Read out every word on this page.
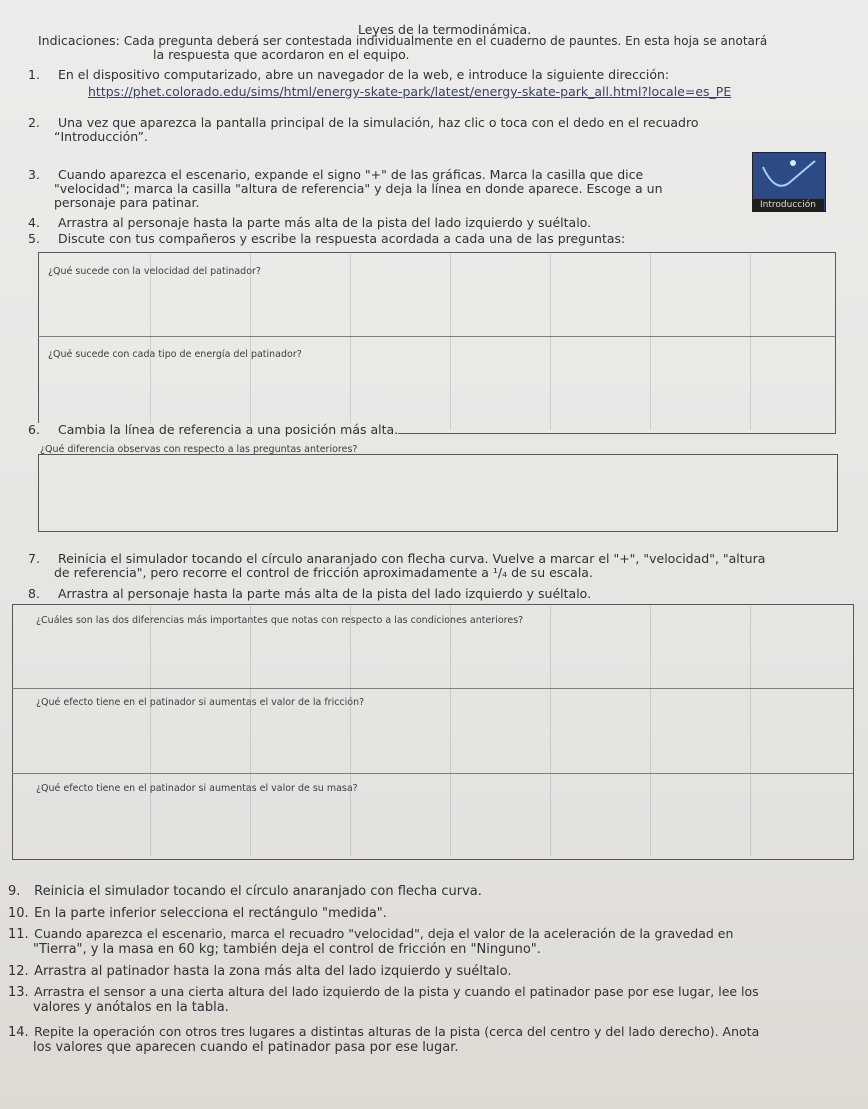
Leyes de la termodinámica.
Indicaciones: Cada pregunta deberá ser contestada individualmente en el cuaderno de pauntes. En esta hoja se anotará
la respuesta que acordaron en el equipo.
1. En el dispositivo computarizado, abre un navegador de la web, e introduce la siguiente dirección:
https://phet.colorado.edu/sims/html/energy-skate-park/latest/energy-skate-park_all.html?locale=es_PE
2. Una vez que aparezca la pantalla principal de la simulación, haz clic o toca con el dedo en el recuadro
“Introducción”.
3. Cuando aparezca el escenario, expande el signo "+" de las gráficas. Marca la casilla que dice
"velocidad"; marca la casilla "altura de referencia" y deja la línea en donde aparece. Escoge a un
personaje para patinar.	Introducción
4. Arrastra al personaje hasta la parte más alta de la pista del lado izquierdo y suéltalo.
5. Discute con tus compañeros y escribe la respuesta acordada a cada una de las preguntas:
¿Qué sucede con la velocidad del patinador?
¿Qué sucede con cada tipo de energía del patinador?
6. Cambia la línea de referencia a una posición más alta.
¿Qué diferencia observas con respecto a las preguntas anteriores?
7. Reinicia el simulador tocando el círculo anaranjado con flecha curva. Vuelve a marcar el "+", "velocidad", "altura
de referencia", pero recorre el control de fricción aproximadamente a ¹/₄ de su escala.
8. Arrastra al personaje hasta la parte más alta de la pista del lado izquierdo y suéltalo.
¿Cuáles son las dos diferencias más importantes que notas con respecto a las condiciones anteriores?
¿Qué efecto tiene en el patinador si aumentas el valor de la fricción?
¿Qué efecto tiene en el patinador si aumentas el valor de su masa?
9. Reinicia el simulador tocando el círculo anaranjado con flecha curva.
10. En la parte inferior selecciona el rectángulo "medida".
11. Cuando aparezca el escenario, marca el recuadro "velocidad", deja el valor de la aceleración de la gravedad en
"Tierra", y la masa en 60 kg; también deja el control de fricción en "Ninguno".
12. Arrastra al patinador hasta la zona más alta del lado izquierdo y suéltalo.
13. Arrastra el sensor a una cierta altura del lado izquierdo de la pista y cuando el patinador pase por ese lugar, lee los
valores y anótalos en la tabla.
14. Repite la operación con otros tres lugares a distintas alturas de la pista (cerca del centro y del lado derecho). Anota
los valores que aparecen cuando el patinador pasa por ese lugar.
